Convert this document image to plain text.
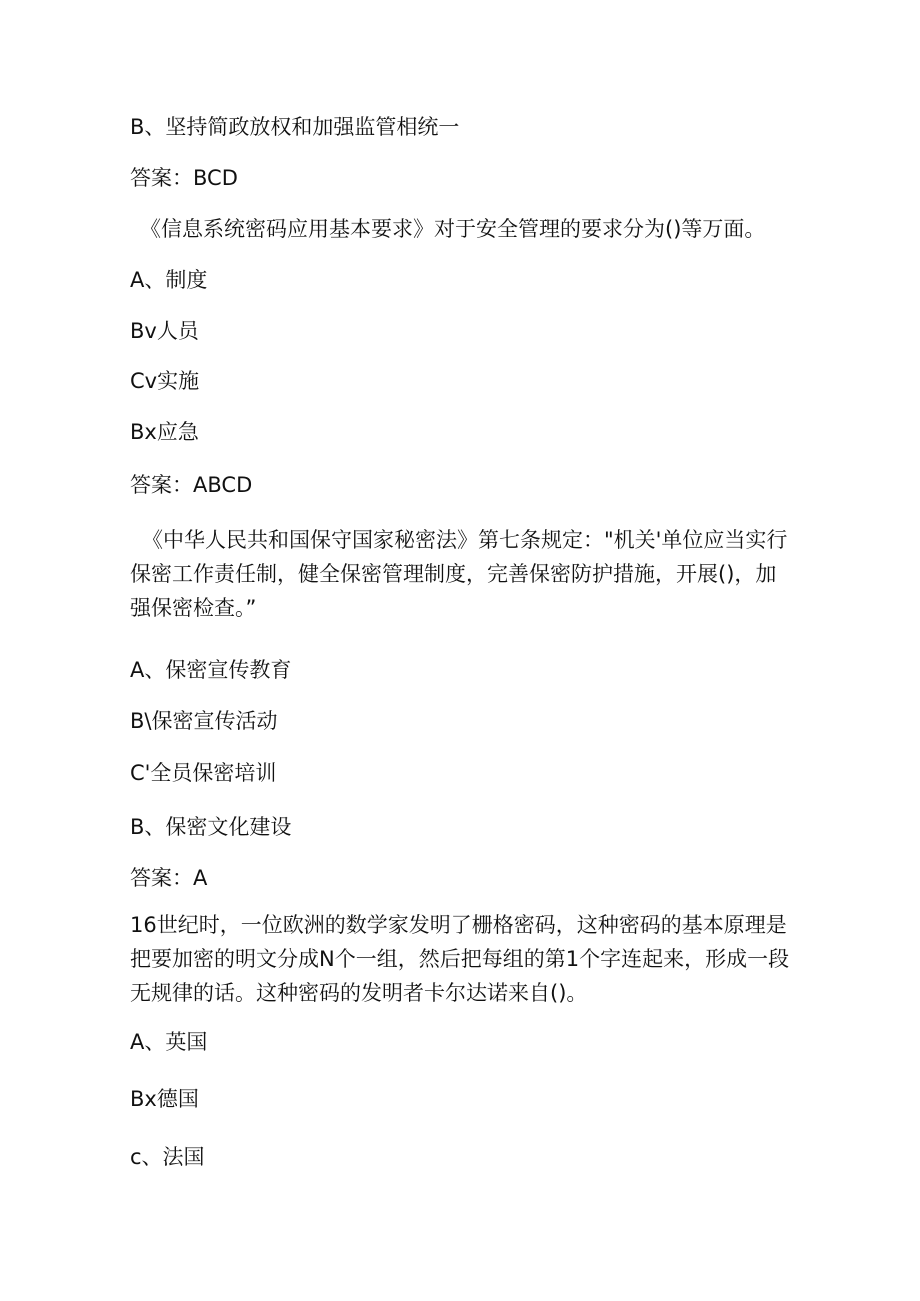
B、坚持简政放权和加强监管相统一
答案：BCD
《信息系统密码应用基本要求》对于安全管理的要求分为()等万面。
A、制度
Bv人员
Cv实施
Bx应急
答案：ABCD
《中华人民共和国保守国家秘密法》第七条规定："机关'单位应当实行保密工作责任制，健全保密管理制度，完善保密防护措施，开展()，加强保密检查。”
A、保密宣传教育
B\保密宣传活动
C'全员保密培训
B、保密文化建设
答案：A
16世纪时，一位欧洲的数学家发明了栅格密码，这种密码的基本原理是把要加密的明文分成N个一组，然后把每组的第1个字连起来，形成一段无规律的话。这种密码的发明者卡尔达诺来自()。
A、英国
Bx德国
c、法国
